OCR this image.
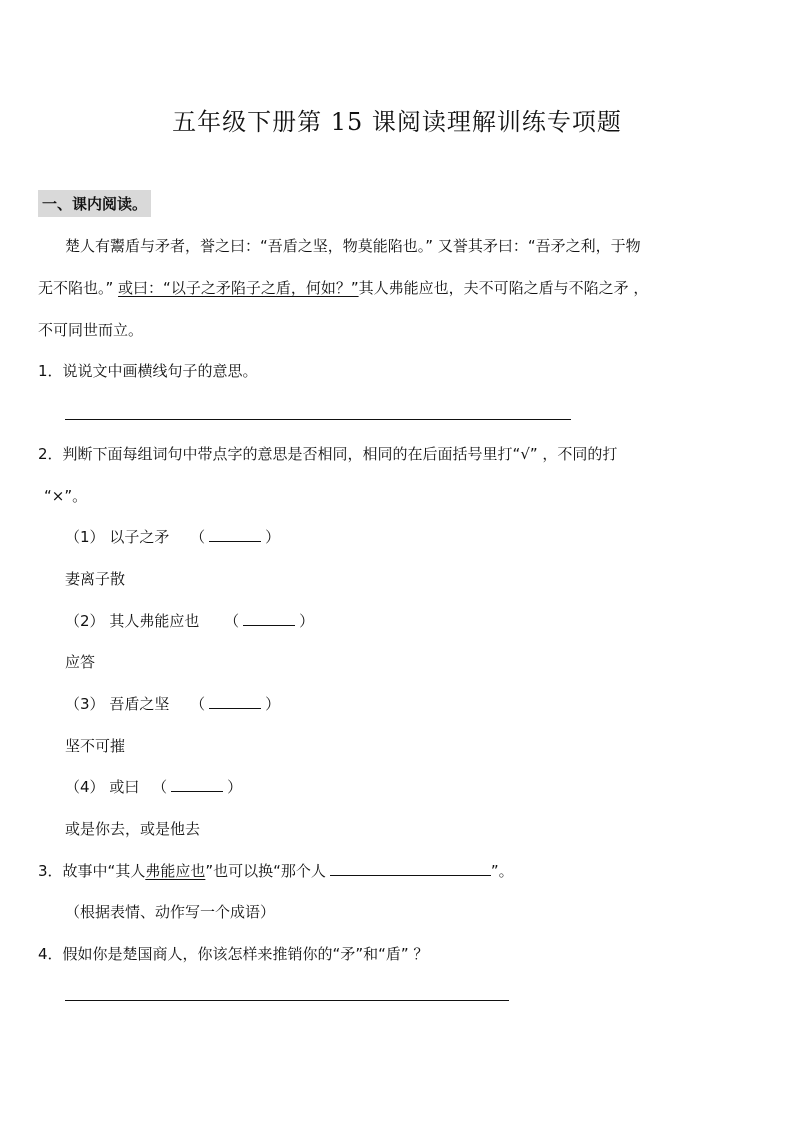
五年级下册第 15 课阅读理解训练专项题
一、课内阅读。
楚人有鬻盾与矛者，誉之曰：“吾盾之坚，物莫能陷也。” 又誉其矛曰：“吾矛之利，于物
无不陷也。” 或曰：“以子之矛陷子之盾，何如？”其人弗能应也，夫不可陷之盾与不陷之矛 ，
不可同世而立。
1．说说文中画横线句子的意思。
2．判断下面每组词句中带点字的意思是否相同，相同的在后面括号里打“√” ，不同的打
“×”。
（1） 以子之矛 （	）
妻离子散
（2） 其人弗能应也 （	）
应答
（3） 吾盾之坚 （	）
坚不可摧
（4） 或曰 （	）
或是你去，或是他去
3．故事中“其人弗能应也”也可以换“那个人	”。
（根据表情、动作写一个成语）
4．假如你是楚国商人，你该怎样来推销你的“矛”和“盾” ？
